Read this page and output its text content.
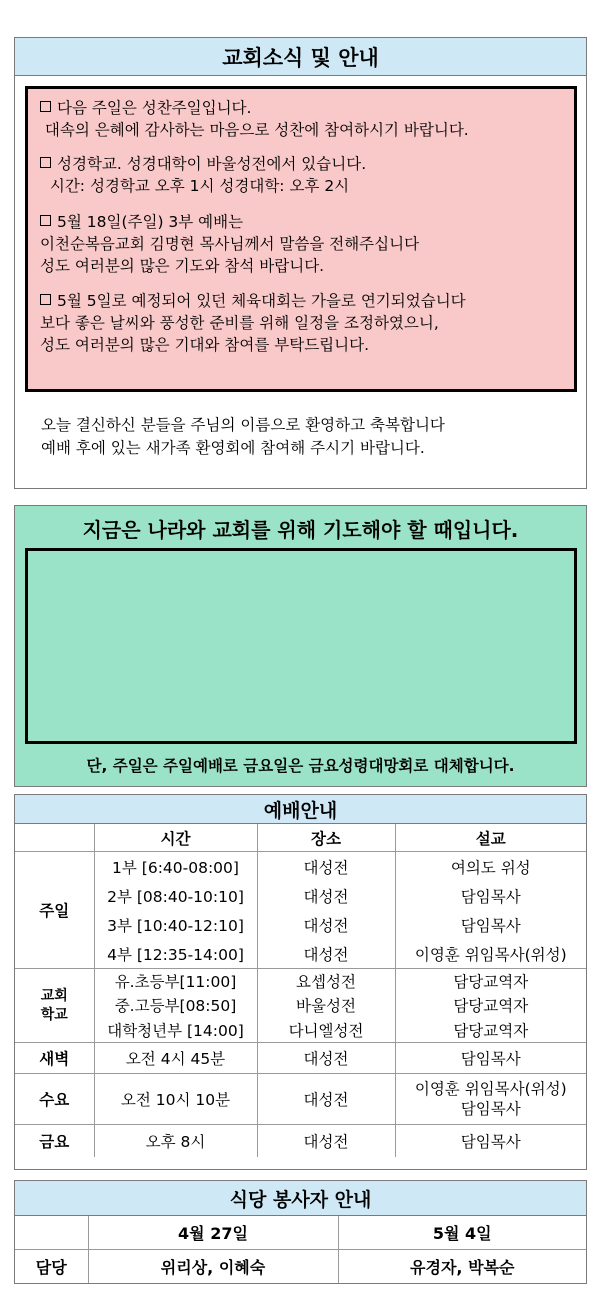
교회소식 및 안내
다음 주일은 성찬주일입니다.
대속의 은혜에 감사하는 마음으로 성찬에 참여하시기 바랍니다.
성경학교. 성경대학이 바울성전에서 있습니다.
시간: 성경학교 오후 1시 성경대학: 오후 2시
5월 18일(주일) 3부 예배는
이천순복음교회 김명현 목사님께서 말씀을 전해주십니다
성도 여러분의 많은 기도와 참석 바랍니다.
5월 5일로 예정되어 있던 체육대회는 가을로 연기되었습니다
보다 좋은 날씨와 풍성한 준비를 위해 일정을 조정하였으니,
성도 여러분의 많은 기대와 참여를 부탁드립니다.
오늘 결신하신 분들을 주님의 이름으로 환영하고 축복합니다
예배 후에 있는 새가족 환영회에 참여해 주시기 바랍니다.
지금은 나라와 교회를 위해 기도해야 할 때입니다.
단, 주일은 주일예배로 금요일은 금요성령대망회로 대체합니다.
예배안내
	시간	장소	설교
주일	1부 [6:40-08:00]	대성전	여의도 위성
	2부 [08:40-10:10]	대성전	담임목사
	3부 [10:40-12:10]	대성전	담임목사
	4부 [12:35-14:00]	대성전	이영훈 위임목사(위성)

교회
학교	유.초등부[11:00]	요셉성전	담당교역자
	중.고등부[08:50]	바울성전	담당교역자
	대학청년부 [14:00]	다니엘성전	담당교역자
새벽	오전 4시 45분	대성전	담임목사
수요	오전 10시 10분	대성전	이영훈 위임목사(위성)
담임목사

금요	오후 8시	대성전	담임목사
식당 봉사자 안내
	4월 27일	5월 4일
담당	위리상, 이혜숙	유경자, 박복순
